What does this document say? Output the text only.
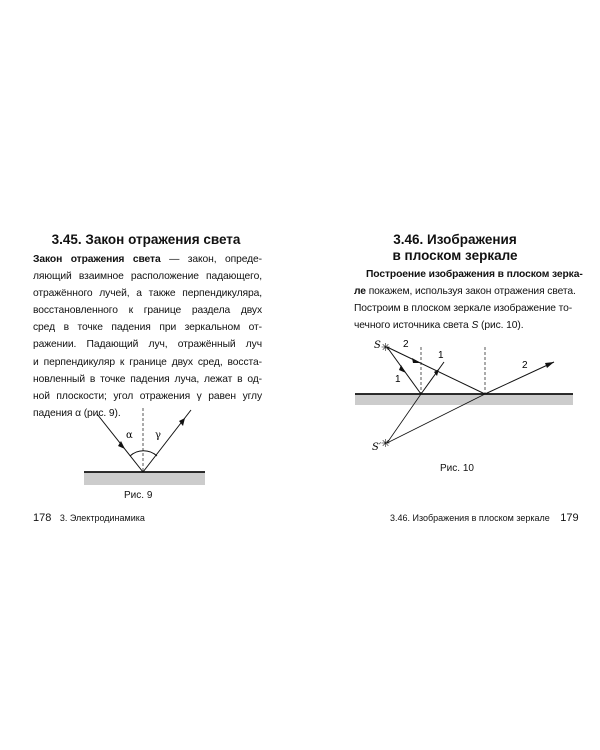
3.45. Закон отражения света
Закон отражения света — закон, опреде-
ляющий взаимное расположение падающего,
отражённого лучей, а также перпендикуляра,
восстановленного к границе раздела двух
сред в точке падения при зеркальном от-
ражении. Падающий луч, отражённый луч
и перпендикуляр к границе двух сред, восста-
новленный в точке падения луча, лежат в од-
ной плоскости; угол отражения γ равен углу
падения α (рис. 9).
α γ
Рис. 9
178 3. Электродинамика
3.46. Изображения
в плоском зеркале
Построение изображения в плоском зерка-
ле покажем, используя закон отражения света.
Построим в плоском зеркале изображение то-
чечного источника света S (рис. 10).
✳
✳
S
S′
2
1
1
2
Рис. 10
3.46. Изображения в плоском зеркале 179
